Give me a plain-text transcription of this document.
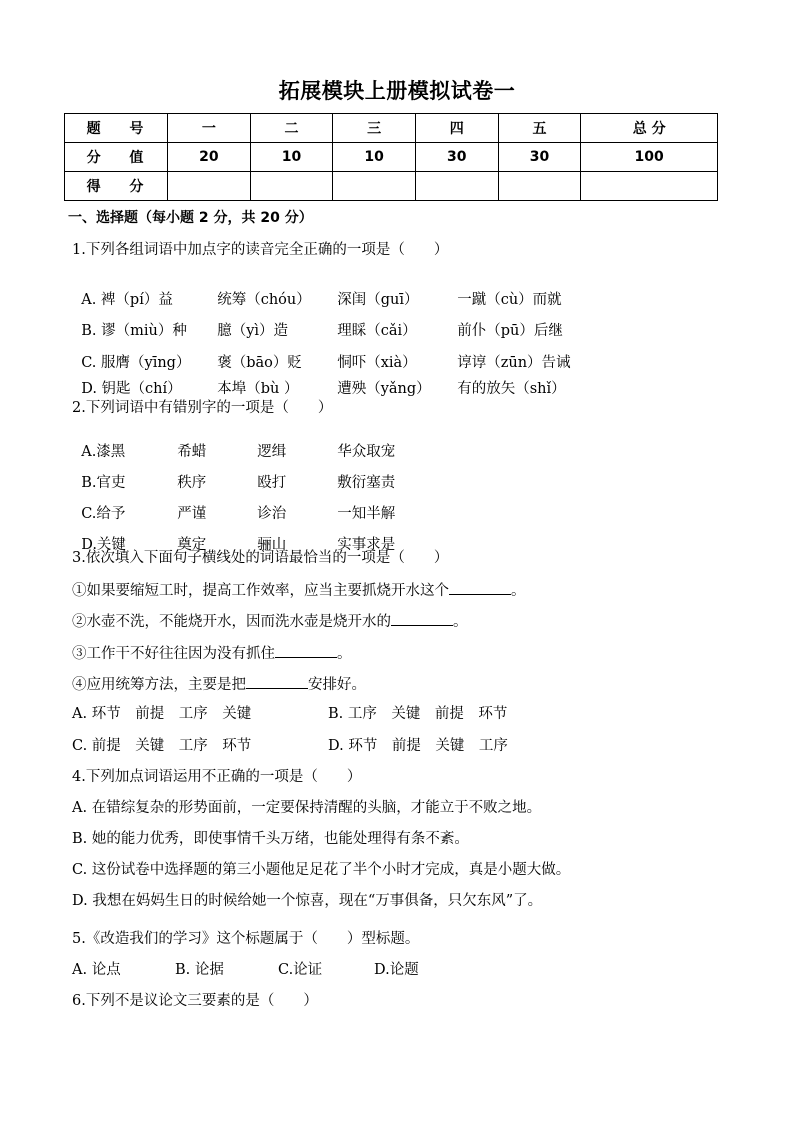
拓展模块上册模拟试卷一
题 号	一	二	三	四	五	总 分
分 值	20	10	10	30	30	100
得 分						
一、选择题（每小题 2 分，共 20 分）
1.下列各组词语中加点字的读音完全正确的一项是（　　）

A. 裨（pí）益	统筹（chóu） 深闺（guī）	一蹴（cù）而就

B. 谬（miù）种 臆（yì）造	理睬（cǎi）	前仆（pū）后继

C. 服膺（yīng） 褒（bāo）贬 恫吓（xià）	谆谆（zūn）告诫

D. 钥匙（chí） 本埠（bù ）	遭殃（yǎng） 有的放矢（shǐ）

2.下列词语中有错别字的一项是（　　）

A.漆黑	希蜡	逻缉	华众取宠

B.官吏	秩序	殴打	敷衍塞责

C.给予	严谨	诊治	一知半解

D.关键	奠定	骊山	实事求是

3.依次填入下面句子横线处的词语最恰当的一项是（　　）
①如果要缩短工时，提高工作效率，应当主要抓烧开水这个	。
②水壶不洗，不能烧开水，因而洗水壶是烧开水的	。
③工作干不好往往因为没有抓住	。
④应用统筹方法，主要是把	安排好。
A. 环节　前提　工序　关键	B. 工序　关键　前提　环节
C. 前提　关键　工序　环节	D. 环节　前提　关键　工序
4.下列加点词语运用不正确的一项是（　　）
A. 在错综复杂的形势面前，一定要保持清醒的头脑，才能立于不败之地。
B. 她的能力优秀，即使事情千头万绪，也能处理得有条不紊。
C. 这份试卷中选择题的第三小题他足足花了半个小时才完成，真是小题大做。
D. 我想在妈妈生日的时候给她一个惊喜，现在“万事俱备，只欠东风”了。
5.《改造我们的学习》这个标题属于（　　）型标题。
A. 论点	B. 论据	C.论证	D.论题
6.下列不是议论文三要素的是（　　）
